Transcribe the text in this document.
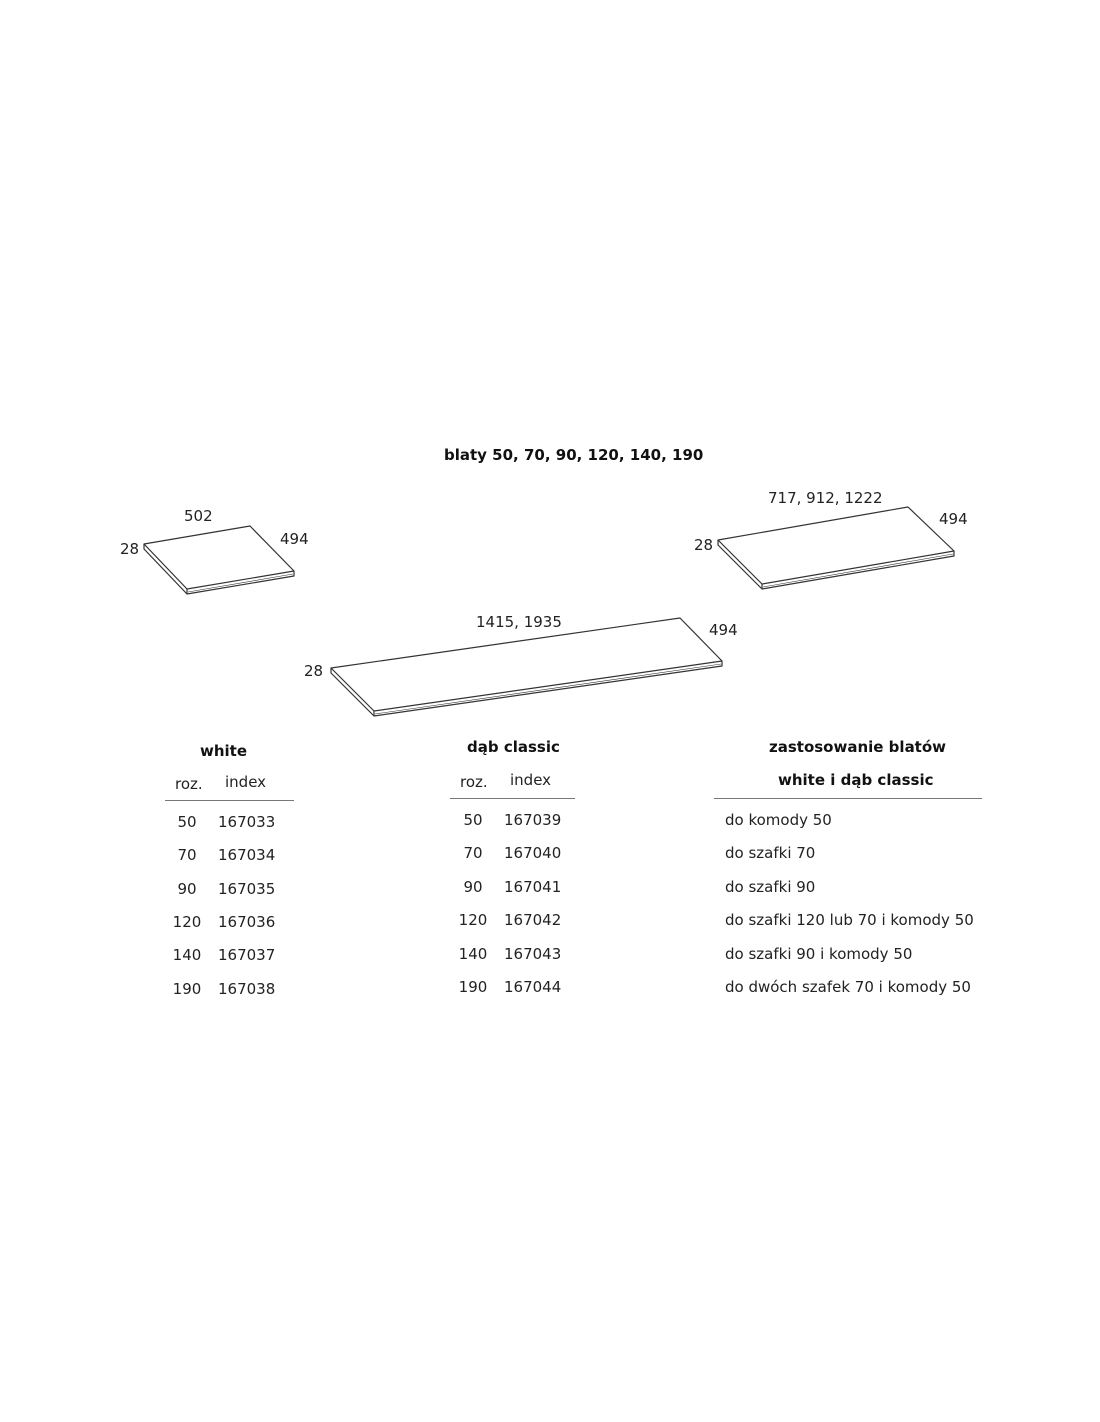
blaty 50, 70, 90, 120, 140, 190
502
494
28
717, 912, 1222
494
28
1415, 1935	494
28
white
roz. index
50	167033
70	167034
90	167035
120 167036
140 167037
190 167038
dąb classic
roz. index
50	167039
70	167040
90	167041
120 167042
140 167043
190 167044
zastosowanie blatów
white i dąb classic
do komody 50
do szafki 70
do szafki 90
do szafki 120 lub 70 i komody 50
do szafki 90 i komody 50
do dwóch szafek 70 i komody 50
